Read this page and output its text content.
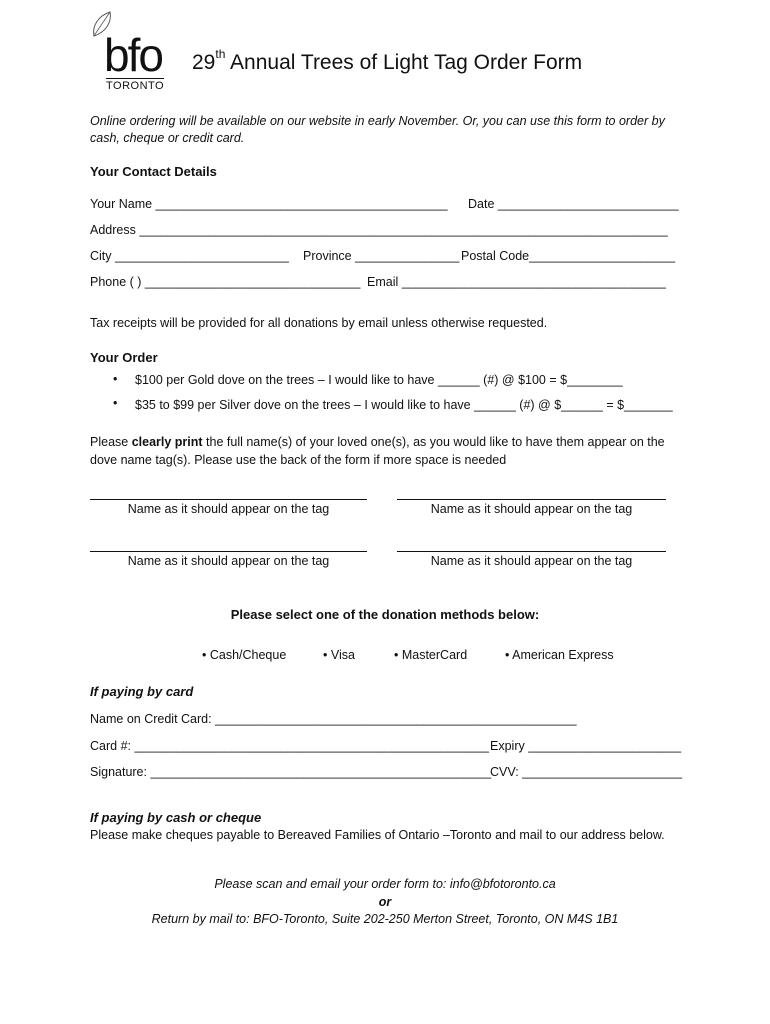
bfo
TORONTO
29th Annual Trees of Light Tag Order Form
Online ordering will be available on our website in early November. Or, you can use this form to order by cash, cheque or credit card.
Your Contact Details
Your Name __________________________________________ Date __________________________
Address ____________________________________________________________________________
City _________________________ Province _______________ Postal Code_____________________
Phone ( ) _______________________________ Email ______________________________________
Tax receipts will be provided for all donations by email unless otherwise requested.
Your Order
• $100 per Gold dove on the trees – I would like to have ______ (#) @ $100 = $________
• $35 to $99 per Silver dove on the trees – I would like to have ______ (#) @ $______ = $_______
Please clearly print the full name(s) of your loved one(s), as you would like to have them appear on the dove name tag(s). Please use the back of the form if more space is needed
Name as it should appear on the tag	Name as it should appear on the tag
Name as it should appear on the tag	Name as it should appear on the tag
Please select one of the donation methods below:
• Cash/Cheque	• Visa	• MasterCard	• American Express
If paying by card
Name on Credit Card: ____________________________________________________
Card #: ___________________________________________________ Expiry ______________________
Signature: _________________________________________________
CVV: _______________________
If paying by cash or cheque
Please make cheques payable to Bereaved Families of Ontario –Toronto and mail to our address below.
Please scan and email your order form to: info@bfotoronto.ca
or
Return by mail to: BFO-Toronto, Suite 202-250 Merton Street, Toronto, ON M4S 1B1
